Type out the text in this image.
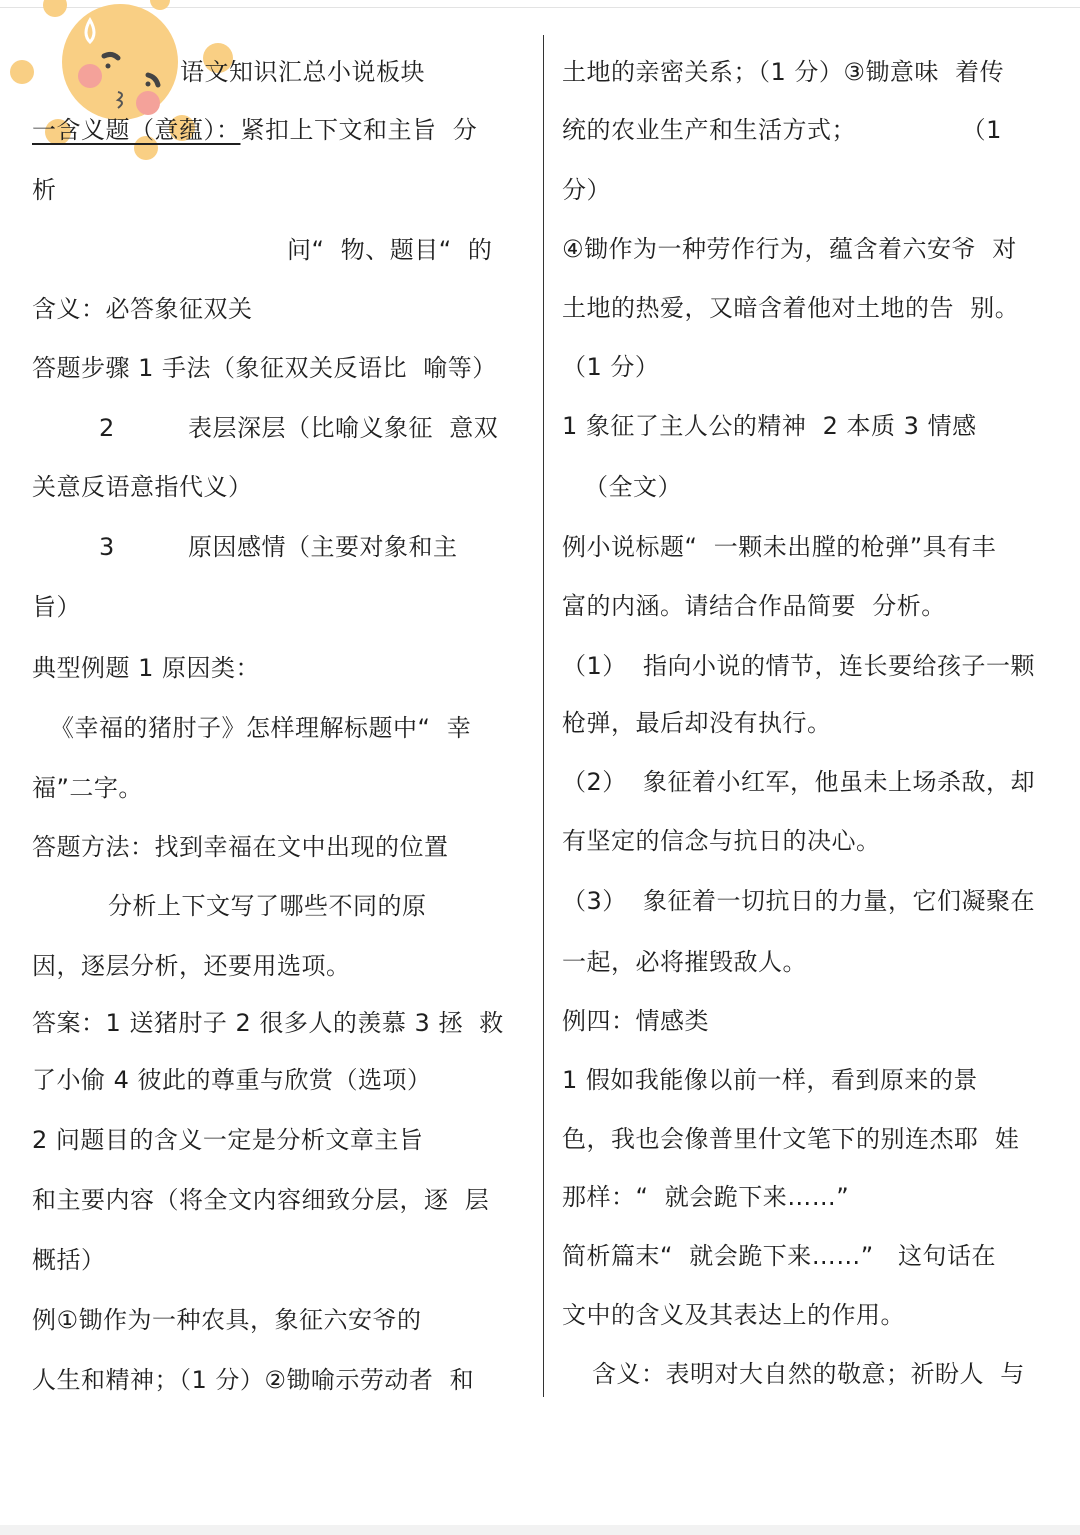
语文知识汇总小说板块
一含义题（意蕴）：紧扣上下文和主旨  分
析
问“  物、题目“  的
含义：必答象征双关
答题步骤 1 手法（象征双关反语比  喻等）
2	表层深层（比喻义象征  意双
关意反语意指代义）
3	原因感情（主要对象和主
旨）
典型例题 1 原因类：
《幸福的猪肘子》怎样理解标题中“  幸
福”二字。
答题方法：找到幸福在文中出现的位置
分析上下文写了哪些不同的原
因，逐层分析，还要用选项。
答案：1 送猪肘子 2 很多人的羡慕 3 拯  救
了小偷 4 彼此的尊重与欣赏（选项）
2 问题目的含义一定是分析文章主旨
和主要内容（将全文内容细致分层，逐  层
概括）
例①锄作为一种农具，象征六安爷的
人生和精神；（1 分）②锄喻示劳动者  和
土地的亲密关系；（1 分）③锄意味  着传
统的农业生产和生活方式；             （1
分）
④锄作为一种劳作行为，蕴含着六安爷  对
土地的热爱，又暗含着他对土地的告  别。
（1 分）
1 象征了主人公的精神  2 本质 3 情感
（全文）
例小说标题“  一颗未出膛的枪弹”具有丰
富的内涵。请结合作品简要  分析。
（1）  指向小说的情节，连长要给孩子一颗
枪弹，最后却没有执行。
（2）  象征着小红军，他虽未上场杀敌，却
有坚定的信念与抗日的决心。
（3）  象征着一切抗日的力量，它们凝聚在
一起，必将摧毁敌人。
例四：情感类
1 假如我能像以前一样，看到原来的景
色，我也会像普里什文笔下的别连杰耶  娃
那样：“  就会跪下来……”
简析篇末“  就会跪下来……”   这句话在
文中的含义及其表达上的作用。
含义：表明对大自然的敬意；祈盼人  与
